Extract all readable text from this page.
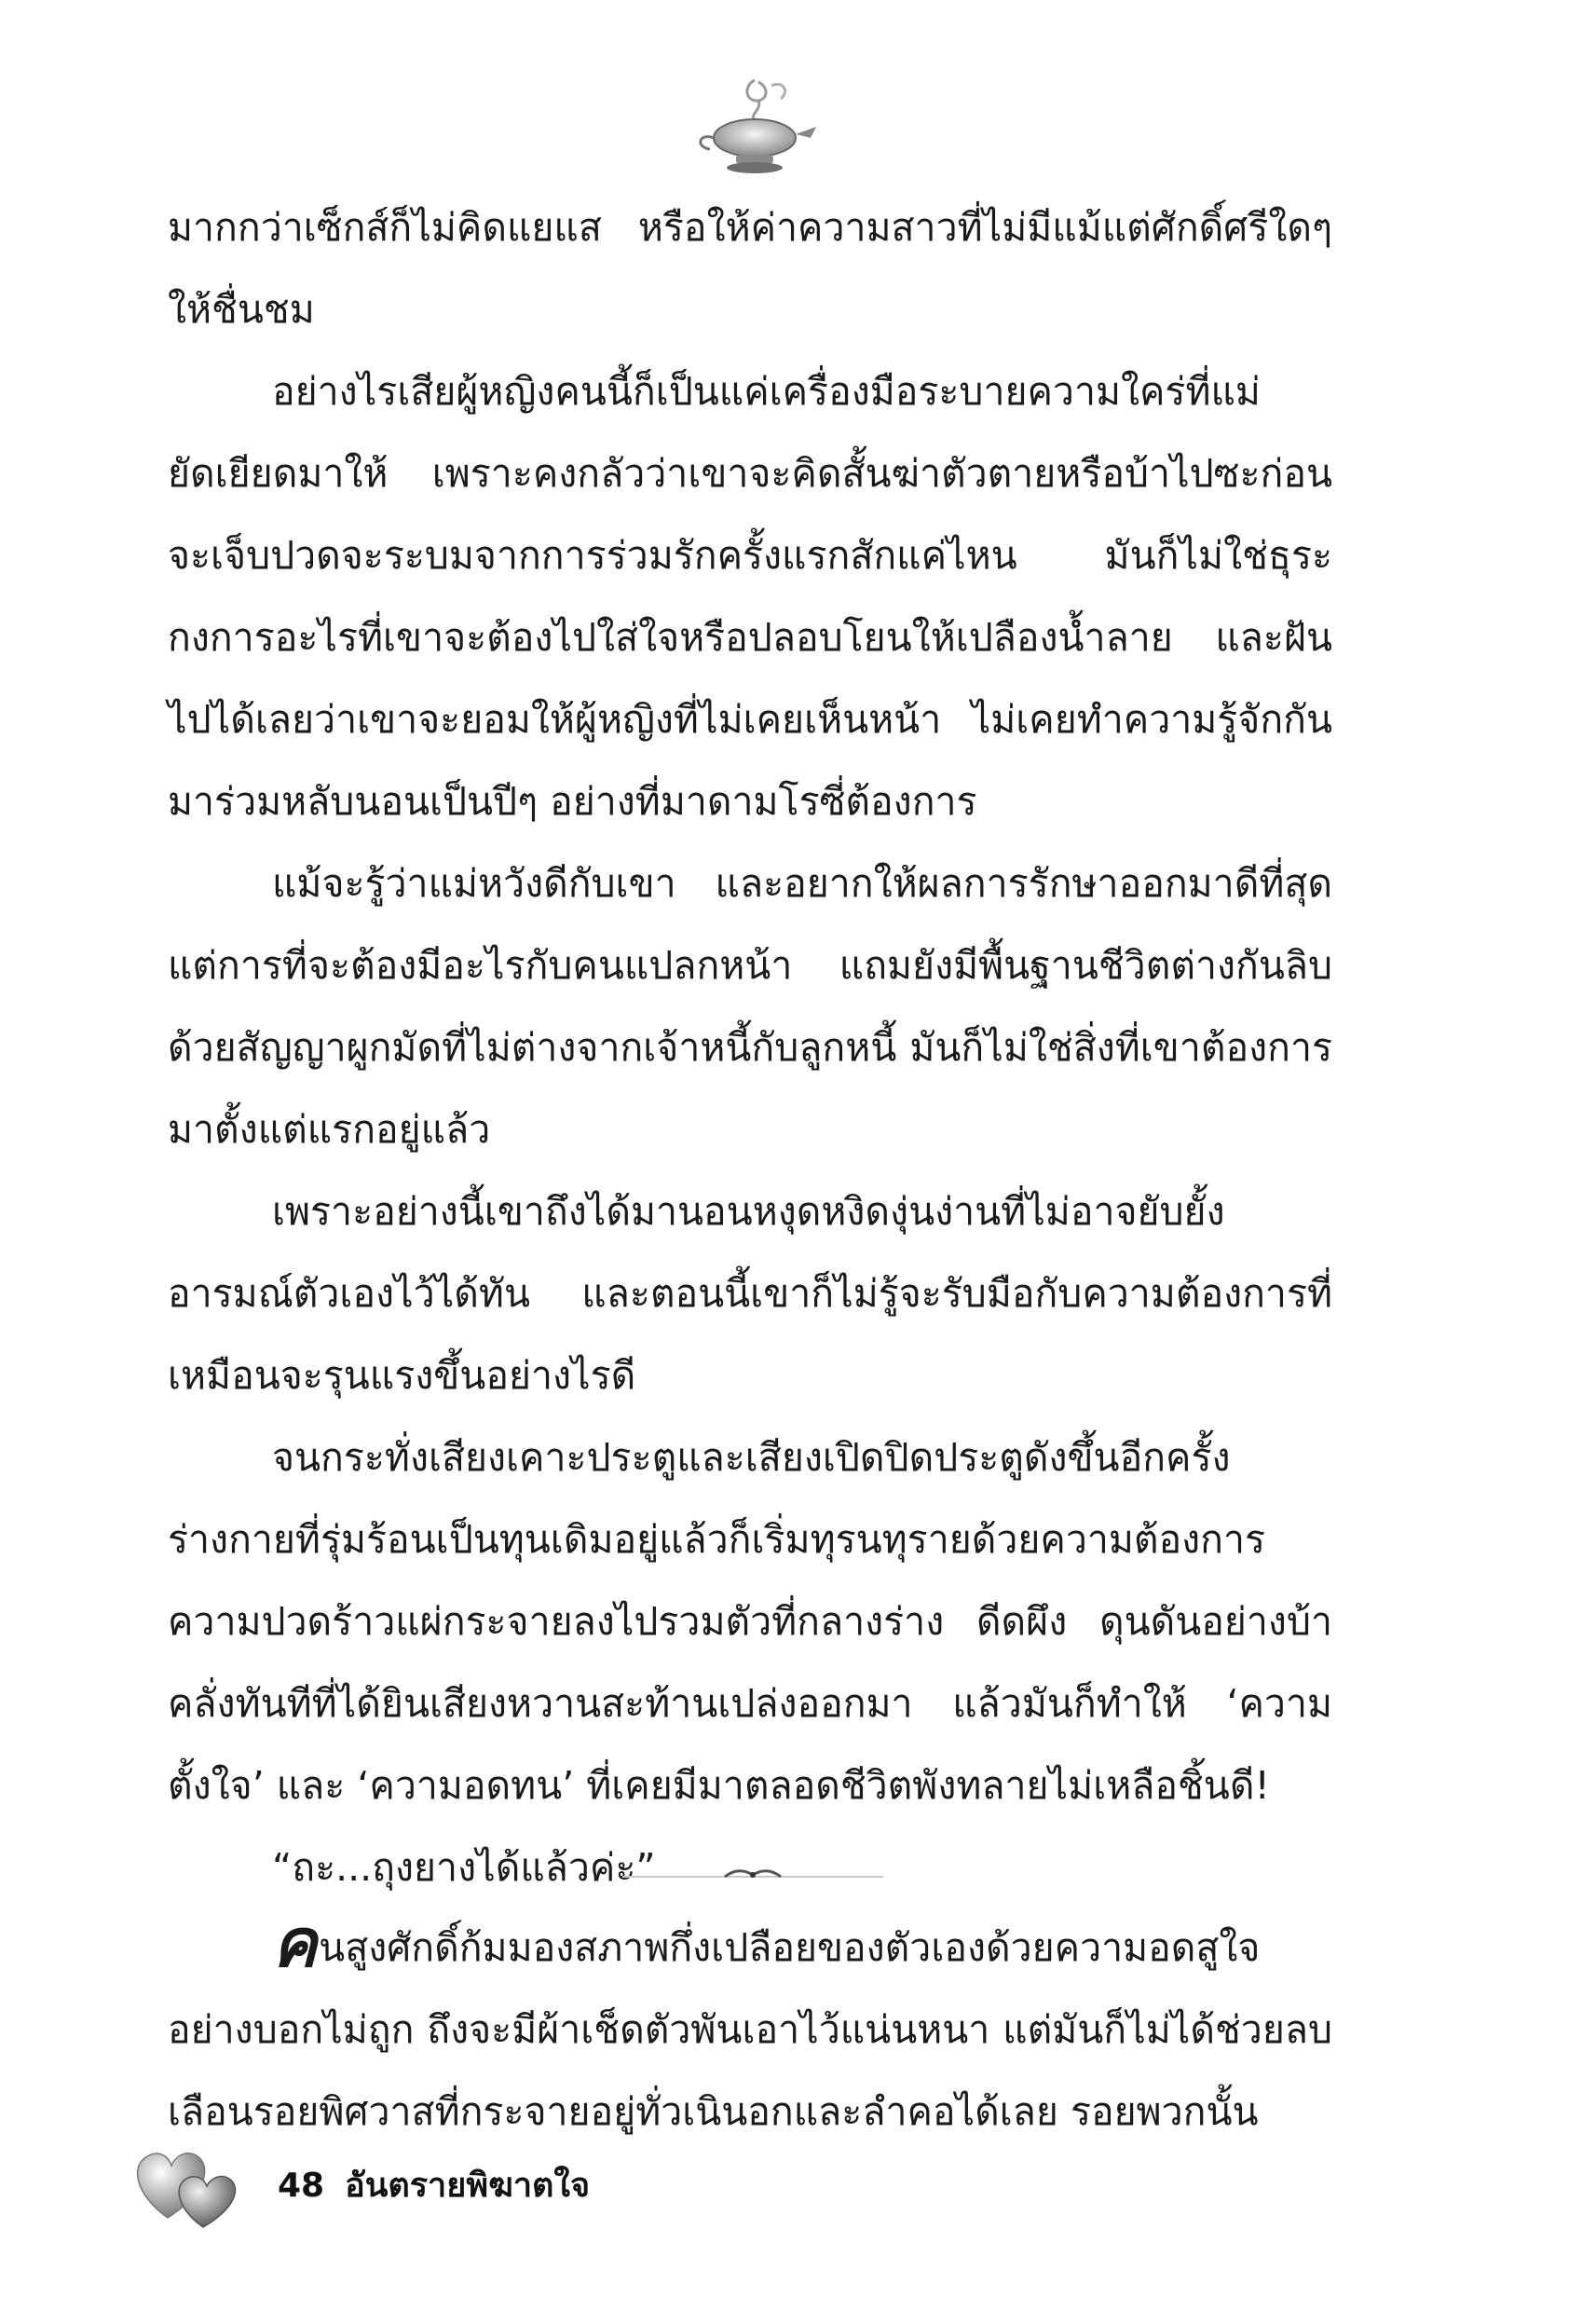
มากกว่าเซ็กส์ก็ไม่คิดแยแส หรือให้ค่าความสาวที่ไม่มีแม้แต่ศักดิ์ศรีใดๆ ให้ชื่นชม

อย่างไรเสียผู้หญิงคนนี้ก็เป็นแค่เครื่องมือระบายความใคร่ที่แม่ยัดเยียดมาให้ เพราะคงกลัวว่าเขาจะคิดสั้นฆ่าตัวตายหรือบ้าไปซะก่อน จะเจ็บปวดจะระบมจากการร่วมรักครั้งแรกสักแค่ไหน มันก็ไม่ใช่ธุระกงการอะไรที่เขาจะต้องไปใส่ใจหรือปลอบโยนให้เปลืองน้ำลาย และฝันไปได้เลยว่าเขาจะยอมให้ผู้หญิงที่ไม่เคยเห็นหน้า ไม่เคยทำความรู้จักกัน มาร่วมหลับนอนเป็นปีๆ อย่างที่มาดามโรซี่ต้องการ

แม้จะรู้ว่าแม่หวังดีกับเขา และอยากให้ผลการรักษาออกมาดีที่สุด แต่การที่จะต้องมีอะไรกับคนแปลกหน้า แถมยังมีพื้นฐานชีวิตต่างกันลิบ ด้วยสัญญาผูกมัดที่ไม่ต่างจากเจ้าหนี้กับลูกหนี้ มันก็ไม่ใช่สิ่งที่เขาต้องการมาตั้งแต่แรกอยู่แล้ว

เพราะอย่างนี้เขาถึงได้มานอนหงุดหงิดงุ่นง่านที่ไม่อาจยับยั้งอารมณ์ตัวเองไว้ได้ทัน และตอนนี้เขาก็ไม่รู้จะรับมือกับความต้องการที่เหมือนจะรุนแรงขึ้นอย่างไรดี

จนกระทั่งเสียงเคาะประตูและเสียงเปิดปิดประตูดังขึ้นอีกครั้ง ร่างกายที่รุ่มร้อนเป็นทุนเดิมอยู่แล้วก็เริ่มทุรนทุรายด้วยความต้องการ ความปวดร้าวแผ่กระจายลงไปรวมตัวที่กลางร่าง ดีดผึง ดุนดันอย่างบ้าคลั่งทันทีที่ได้ยินเสียงหวานสะท้านเปล่งออกมา แล้วมันก็ทำให้ ‘ความตั้งใจ’ และ ‘ความอดทน’ ที่เคยมีมาตลอดชีวิตพังทลายไม่เหลือชิ้นดี!

“ถะ...ถุงยางได้แล้วค่ะ”

คนสูงศักดิ์ก้มมองสภาพกึ่งเปลือยของตัวเองด้วยความอดสูใจอย่างบอกไม่ถูก ถึงจะมีผ้าเช็ดตัวพันเอาไว้แน่นหนา แต่มันก็ไม่ได้ช่วยลบเลือนรอยพิศวาสที่กระจายอยู่ทั่วเนินอกและลำคอได้เลย รอยพวกนั้น

48 อันตรายพิฆาตใจ
